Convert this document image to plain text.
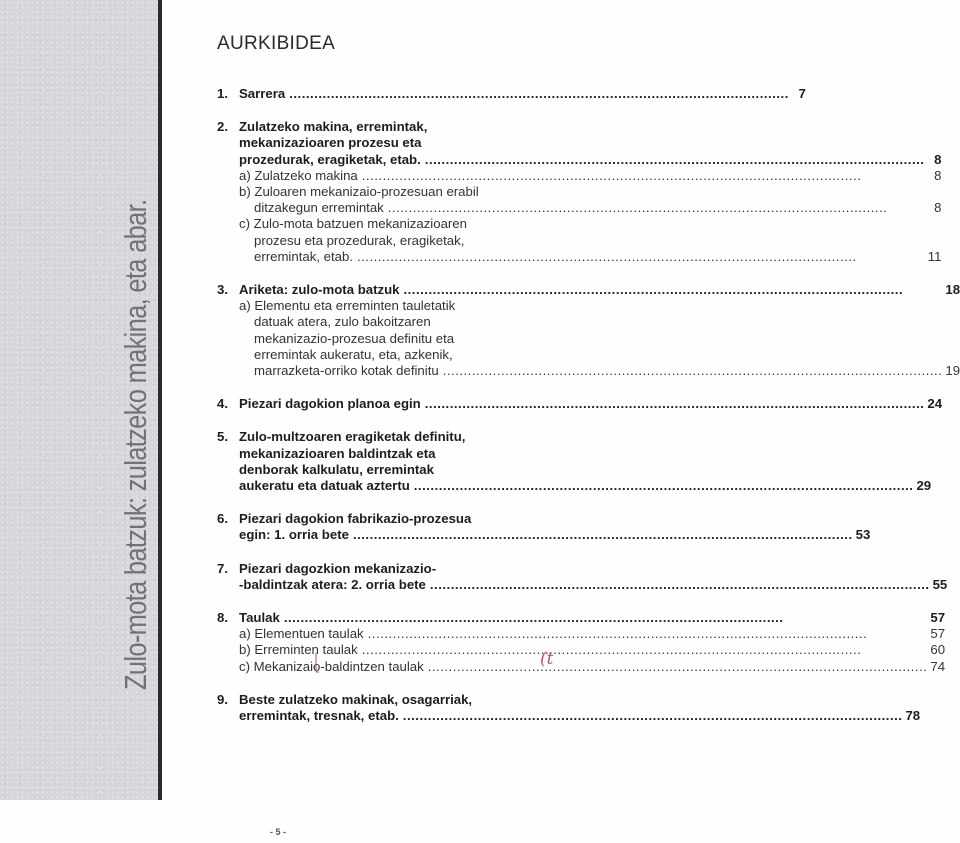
Zulo-mota batzuk: zulatzeko makina, eta abar.
AURKIBIDEA
1. Sarrera .....	7
2. Zulatzeko makina, erremintak,
mekanizazioaren prozesu eta
prozedurak, eragiketak, etab. .....	8
a) Zulatzeko makina .....	8
b) Zuloaren mekanizaio-prozesuan erabil
ditzakegun erremintak .....	8
c) Zulo-mota batzuen mekanizazioaren
prozesu eta prozedurak, eragiketak,
erremintak, etab. .....	11
3. Ariketa: zulo-mota batzuk .....	18
a) Elementu eta erreminten tauletatik
datuak atera, zulo bakoitzaren
mekanizazio-prozesua definitu eta
erremintak aukeratu, eta, azkenik,
marrazketa-orriko kotak definitu .....	19
4. Piezari dagokion planoa egin .....	24
5. Zulo-multzoaren eragiketak definitu,
mekanizazioaren baldintzak eta
denborak kalkulatu, erremintak
aukeratu eta datuak aztertu .....	29
6. Piezari dagokion fabrikazio-prozesua
egin: 1. orria bete .....	53
7. Piezari dagozkion mekanizazio-
-baldintzak atera: 2. orria bete .....	55
8. Taulak .....	57
a) Elementuen taulak .....	57
b) Erreminten taulak .....	60
c) Mekanizaio-baldintzen taulak .....	74
9. Beste zulatzeko makinak, osagarriak,
erremintak, tresnak, etab. .....	78
(t
- 5 -
